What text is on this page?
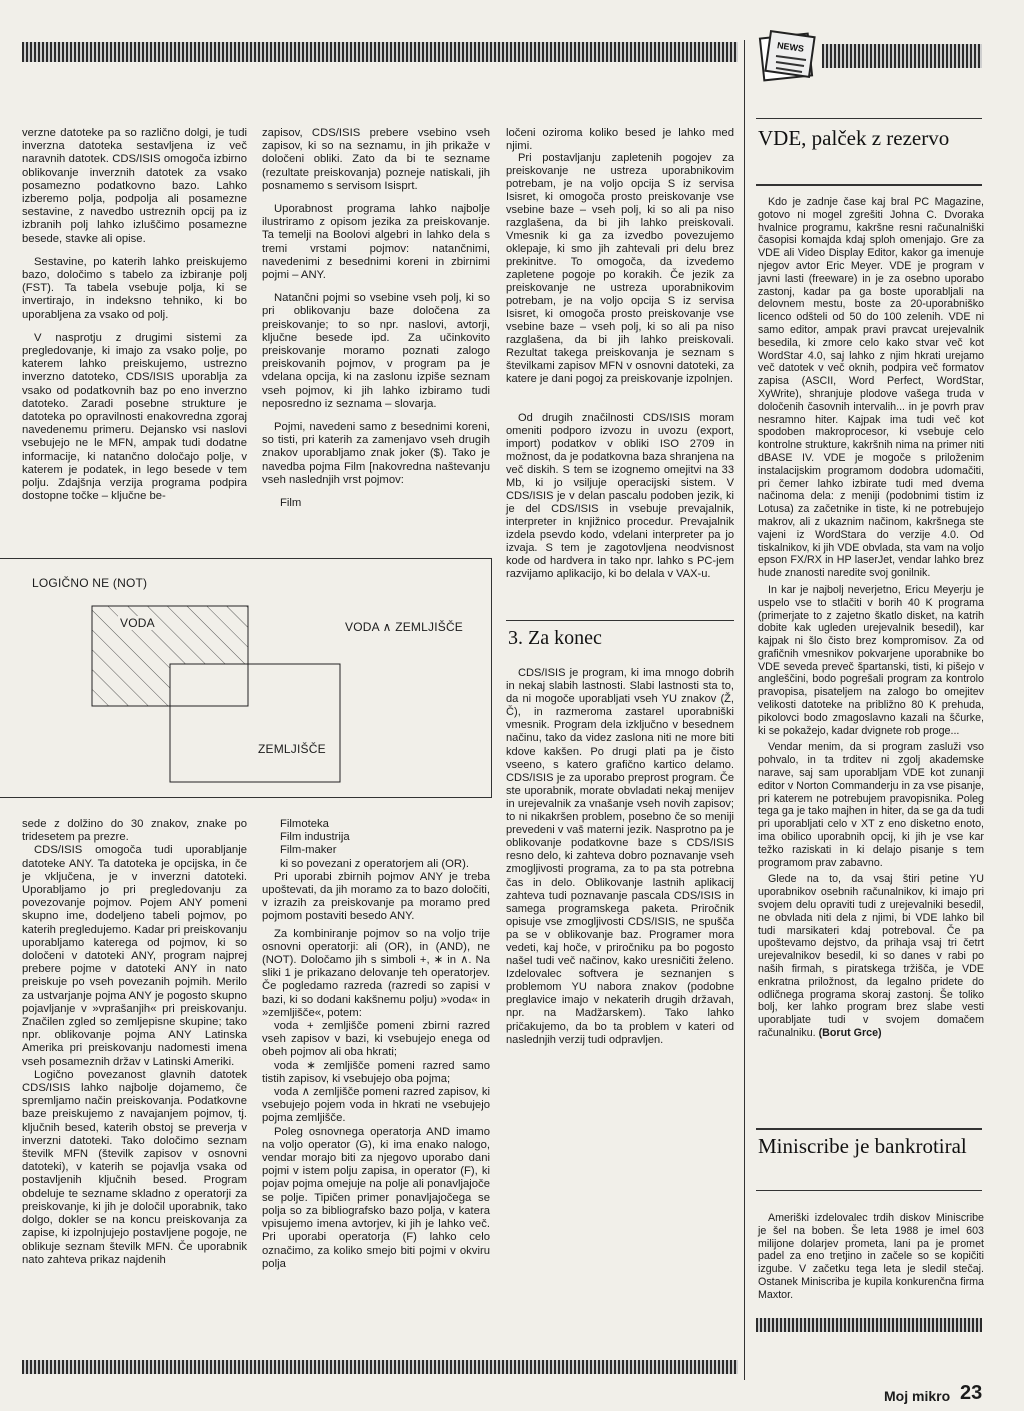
NEWS

verzne datoteke pa so različno dolgi, je tudi inverzna datoteka sestavljena iz več naravnih datotek. CDS/ISIS omogoča izbirno oblikovanje inverznih datotek za vsako posamezno podatkovno bazo. Lahko izberemo polja, podpolja ali posamezne sestavine, z navedbo ustreznih opcij pa iz izbranih polj lahko izluščimo posamezne besede, stavke ali opise.

Sestavine, po katerih lahko preiskujemo bazo, določimo s tabelo za izbiranje polj (FST). Ta tabela vsebuje polja, ki se invertirajo, in indeksno tehniko, ki bo uporabljena za vsako od polj.

V nasprotju z drugimi sistemi za pregledovanje, ki imajo za vsako polje, po katerem lahko preiskujemo, ustrezno inverzno datoteko, CDS/ISIS uporablja za vsako od podatkovnih baz po eno inverzno datoteko. Zaradi posebne strukture je datoteka po opravilnosti enakovredna zgoraj navedenemu primeru. Dejansko vsi naslovi vsebujejo ne le MFN, ampak tudi dodatne informacije, ki natančno določajo polje, v katerem je podatek, in lego besede v tem polju. Zdajšnja verzija programa podpira dostopne točke – ključne be-

zapisov, CDS/ISIS prebere vsebino vseh zapisov, ki so na seznamu, in jih prikaže v določeni obliki. Zato da bi te sezname (rezultate preiskovanja) pozneje natiskali, jih posnamemo s servisom Isisprt.

Uporabnost programa lahko najbolje ilustriramo z opisom jezika za preiskovanje. Ta temelji na Boolovi algebri in lahko dela s tremi vrstami pojmov: natančnimi, navedenimi z besednimi koreni in zbirnimi pojmi – ANY.

Natančni pojmi so vsebine vseh polj, ki so pri oblikovanju baze določena za preiskovanje; to so npr. naslovi, avtorji, ključne besede ipd. Za učinkovito preiskovanje moramo poznati zalogo preiskovanih pojmov, v program pa je vdelana opcija, ki na zaslonu izpiše seznam vseh pojmov, ki jih lahko izbiramo tudi neposredno iz seznama – slovarja.

Pojmi, navedeni samo z besednimi koreni, so tisti, pri katerih za zamenjavo vseh drugih znakov uporabljamo znak joker ($). Tako je navedba pojma Film [nakovredna naštevanju vseh naslednjih vrst pojmov:

Film

ločeni oziroma koliko besed je lahko med njimi.

Od drugih značilnosti CDS/ISIS moram omeniti podporo izvozu in uvozu (export, import) podatkov v obliki ISO 2709 in možnost, da je podatkovna baza shranjena na več diskih. S tem se izognemo omejitvi na 33 Mb, ki jo vsiljuje operacijski sistem. V CDS/ISIS je v delan pascalu podoben jezik, ki je del CDS/ISIS in vsebuje prevajalnik, interpreter in knjižnico procedur. Prevajalnik izdela psevdo kodo, vdelani interpreter pa jo izvaja. S tem je zagotovljena neodvisnost kode od hardvera in tako npr. lahko s PC-jem razvijamo aplikacijo, ki bo delala v VAX-u.

Pri postavljanju zapletenih pogojev za preiskovanje ne ustreza uporabnikovim potrebam, je na voljo opcija S iz servisa Isisret, ki omogoča prosto preiskovanje vse vsebine baze – vseh polj, ki so ali pa niso razglašena, da bi jih lahko preiskovali. Vmesnik ki ga za izvedbo povezujemo oklepaje, ki smo jih zahtevali pri delu brez prekinitve. To omogoča, da izvedemo zapletene pogoje po korakih. Če jezik za preiskovanje ne ustreza uporabnikovim potrebam, je na voljo opcija S iz servisa Isisret, ki omogoča prosto preiskovanje vse vsebine baze – vseh polj, ki so ali pa niso razglašena, da bi jih lahko preiskovali. Rezultat takega preiskovanja je seznam s številkami zapisov MFN v osnovni datoteki, za katere je dani pogoj za preiskovanje izpolnjen.

LOGIČNO NE (NOT)
VODA	VODA ∧ ZEMLJIŠČE
ZEMLJIŠČE

sede z dolžino do 30 znakov, znake po tridesetem pa prezre.

CDS/ISIS omogoča tudi uporabljanje datoteke ANY. Ta datoteka je opcijska, in če je vključena, je v inverzni datoteki. Uporabljamo jo pri pregledovanju za povezovanje pojmov. Pojem ANY pomeni skupno ime, dodeljeno tabeli pojmov, po katerih pregledujemo. Kadar pri preiskovanju uporabljamo katerega od pojmov, ki so določeni v datoteki ANY, program najprej prebere pojme v datoteki ANY in nato preiskuje po vseh povezanih pojmih. Merilo za ustvarjanje pojma ANY je pogosto skupno pojavljanje v »vprašanjih« pri preiskovanju. Značilen zgled so zemljepisne skupine; tako npr. oblikovanje pojma ANY Latinska Amerika pri preiskovanju nadomesti imena vseh posameznih držav v Latinski Ameriki.

Logično povezanost glavnih datotek CDS/ISIS lahko najbolje dojamemo, če spremljamo način preiskovanja. Podatkovne baze preiskujemo z navajanjem pojmov, tj. ključnih besed, katerih obstoj se preverja v inverzni datoteki. Tako določimo seznam številk MFN (številk zapisov v osnovni datoteki), v katerih se pojavlja vsaka od postavljenih ključnih besed. Program obdeluje te sezname skladno z operatorji za preiskovanje, ki jih je določil uporabnik, tako dolgo, dokler se na koncu preiskovanja za zapise, ki izpolnjujejo postavljene pogoje, ne oblikuje seznam številk MFN. Če uporabnik nato zahteva prikaz najdenih

Filmoteka

Film industrija

Film-maker

ki so povezani z operatorjem ali (OR).

Pri uporabi zbirnih pojmov ANY je treba upoštevati, da jih moramo za to bazo določiti, v izrazih za preiskovanje pa moramo pred pojmom postaviti besedo ANY.

Za kombiniranje pojmov so na voljo trije osnovni operatorji: ali (OR), in (AND), ne (NOT). Določamo jih s simboli +, ∗ in ∧. Na sliki 1 je prikazano delovanje teh operatorjev. Če pogledamo razreda (razredi so zapisi v bazi, ki so dodani kakšnemu polju) »voda« in »zemljišče«, potem:

voda + zemljišče pomeni zbirni razred vseh zapisov v bazi, ki vsebujejo enega od obeh pojmov ali oba hkrati;

voda ∗ zemljišče pomeni razred samo tistih zapisov, ki vsebujejo oba pojma;

voda ∧ zemljišče pomeni razred zapisov, ki vsebujejo pojem voda in hkrati ne vsebujejo pojma zemljišče.

Poleg osnovnega operatorja AND imamo na voljo operator (G), ki ima enako nalogo, vendar morajo biti za njegovo uporabo dani pojmi v istem polju zapisa, in operator (F), ki pojav pojma omejuje na polje ali ponavljajoče se polje. Tipičen primer ponavljajočega se polja so za bibliografsko bazo polja, v katera vpisujemo imena avtorjev, ki jih je lahko več. Pri uporabi operatorja (F) lahko celo označimo, za koliko smejo biti pojmi v okviru polja

3. Za konec

CDS/ISIS je program, ki ima mnogo dobrih in nekaj slabih lastnosti. Slabi lastnosti sta to, da ni mogoče uporabljati vseh YU znakov (Ž, Č), in razmeroma zastarel uporabniški vmesnik. Program dela izključno v besednem načinu, tako da videz zaslona niti ne more biti kdove kakšen. Po drugi plati pa je čisto vseeno, s katero grafično kartico delamo. CDS/ISIS je za uporabo preprost program. Če ste uporabnik, morate obvladati nekaj menijev in urejevalnik za vnašanje vseh novih zapisov; to ni nikakršen problem, posebno če so meniji prevedeni v vaš materni jezik. Nasprotno pa je oblikovanje podatkovne baze s CDS/ISIS resno delo, ki zahteva dobro poznavanje vseh zmogljivosti programa, za to pa sta potrebna čas in delo. Oblikovanje lastnih aplikacij zahteva tudi poznavanje pascala CDS/ISIS in samega programskega paketa. Priročnik opisuje vse zmogljivosti CDS/ISIS, ne spušča pa se v oblikovanje baz. Programer mora vedeti, kaj hoče, v priročniku pa bo pogosto našel tudi več načinov, kako uresničiti želeno. Izdelovalec softvera je seznanjen s problemom YU nabora znakov (podobne preglavice imajo v nekaterih drugih državah, npr. na Madžarskem). Tako lahko pričakujemo, da bo ta problem v kateri od naslednjih verzij tudi odpravljen.

VDE, palček z rezervo

Kdo je zadnje čase kaj bral PC Magazine, gotovo ni mogel zgrešiti Johna C. Dvoraka hvalnice programu, kakršne resni računalniški časopisi komajda kdaj sploh omenjajo. Gre za VDE ali Video Display Editor, kakor ga imenuje njegov avtor Eric Meyer. VDE je program v javni lasti (freeware) in je za osebno uporabo zastonj, kadar pa ga boste uporabljali na delovnem mestu, boste za 20-uporabniško licenco odšteli od 50 do 100 zelenih. VDE ni samo editor, ampak pravi pravcat urejevalnik besedila, ki zmore celo kako stvar več kot WordStar 4.0, saj lahko z njim hkrati urejamo več datotek v več oknih, podpira več formatov zapisa (ASCII, Word Perfect, WordStar, XyWrite), shranjuje plodove vašega truda v določenih časovnih intervalih... in je povrh prav nesramno hiter. Kajpak ima tudi več kot spodoben makroprocesor, ki vsebuje celo kontrolne strukture, kakršnih nima na primer niti dBASE IV. VDE je mogoče s priloženim instalacijskim programom dodobra udomačiti, pri čemer lahko izbirate tudi med dvema načinoma dela: z meniji (podobnimi tistim iz Lotusa) za začetnike in tiste, ki ne potrebujejo makrov, ali z ukaznim načinom, kakršnega ste vajeni iz WordStara do verzije 4.0. Od tiskalnikov, ki jih VDE obvlada, sta vam na voljo epson FX/RX in HP laserJet, vendar lahko brez hude znanosti naredite svoj gonilnik.

In kar je najbolj neverjetno, Ericu Meyerju je uspelo vse to stlačiti v borih 40 K programa (primerjate to z zajetno škatlo disket, na katrih dobite kak ugleden urejevalnik besedil), kar kajpak ni šlo čisto brez kompromisov. Za od grafičnih vmesnikov pokvarjene uporabnike bo VDE seveda preveč špartanski, tisti, ki pišejo v angleščini, bodo pogrešali program za kontrolo pravopisa, pisateljem na zalogo bo omejitev velikosti datoteke na približno 80 K prehuda, pikolovci bodo zmagoslavno kazali na ščurke, ki se pokažejo, kadar dvignete rob proge...

Vendar menim, da si program zasluži vso pohvalo, in ta trditev ni zgolj akademske narave, saj sam uporabljam VDE kot zunanji editor v Norton Commanderju in za vse pisanje, pri katerem ne potrebujem pravopisnika. Poleg tega ga je tako majhen in hiter, da se ga da tudi pri uporabljati celo v XT z eno disketno enoto, ima obilico uporabnih opcij, ki jih je vse kar težko raziskati in ki delajo pisanje s tem programom prav zabavno.

Glede na to, da vsaj štiri petine YU uporabnikov osebnih računalnikov, ki imajo pri svojem delu opraviti tudi z urejevalniki besedil, ne obvlada niti dela z njimi, bi VDE lahko bil tudi marsikateri kdaj potreboval. Če pa upoštevamo dejstvo, da prihaja vsaj tri četrt urejevalnikov besedil, ki so danes v rabi po naših firmah, s piratskega tržišča, je VDE enkratna priložnost, da legalno pridete do odličnega programa skoraj zastonj. Še toliko bolj, ker lahko program brez slabe vesti uporabljate tudi v svojem domačem računalniku. (Borut Grce)

Miniscribe je bankrotiral

Ameriški izdelovalec trdih diskov Miniscribe je šel na boben. Še leta 1988 je imel 603 milijone dolarjev prometa, lani pa je promet padel za eno tretjino in začele so se kopičiti izgube. V začetku tega leta je sledil stečaj. Ostanek Miniscriba je kupila konkurenčna firma Maxtor.

Moj mikro 23
